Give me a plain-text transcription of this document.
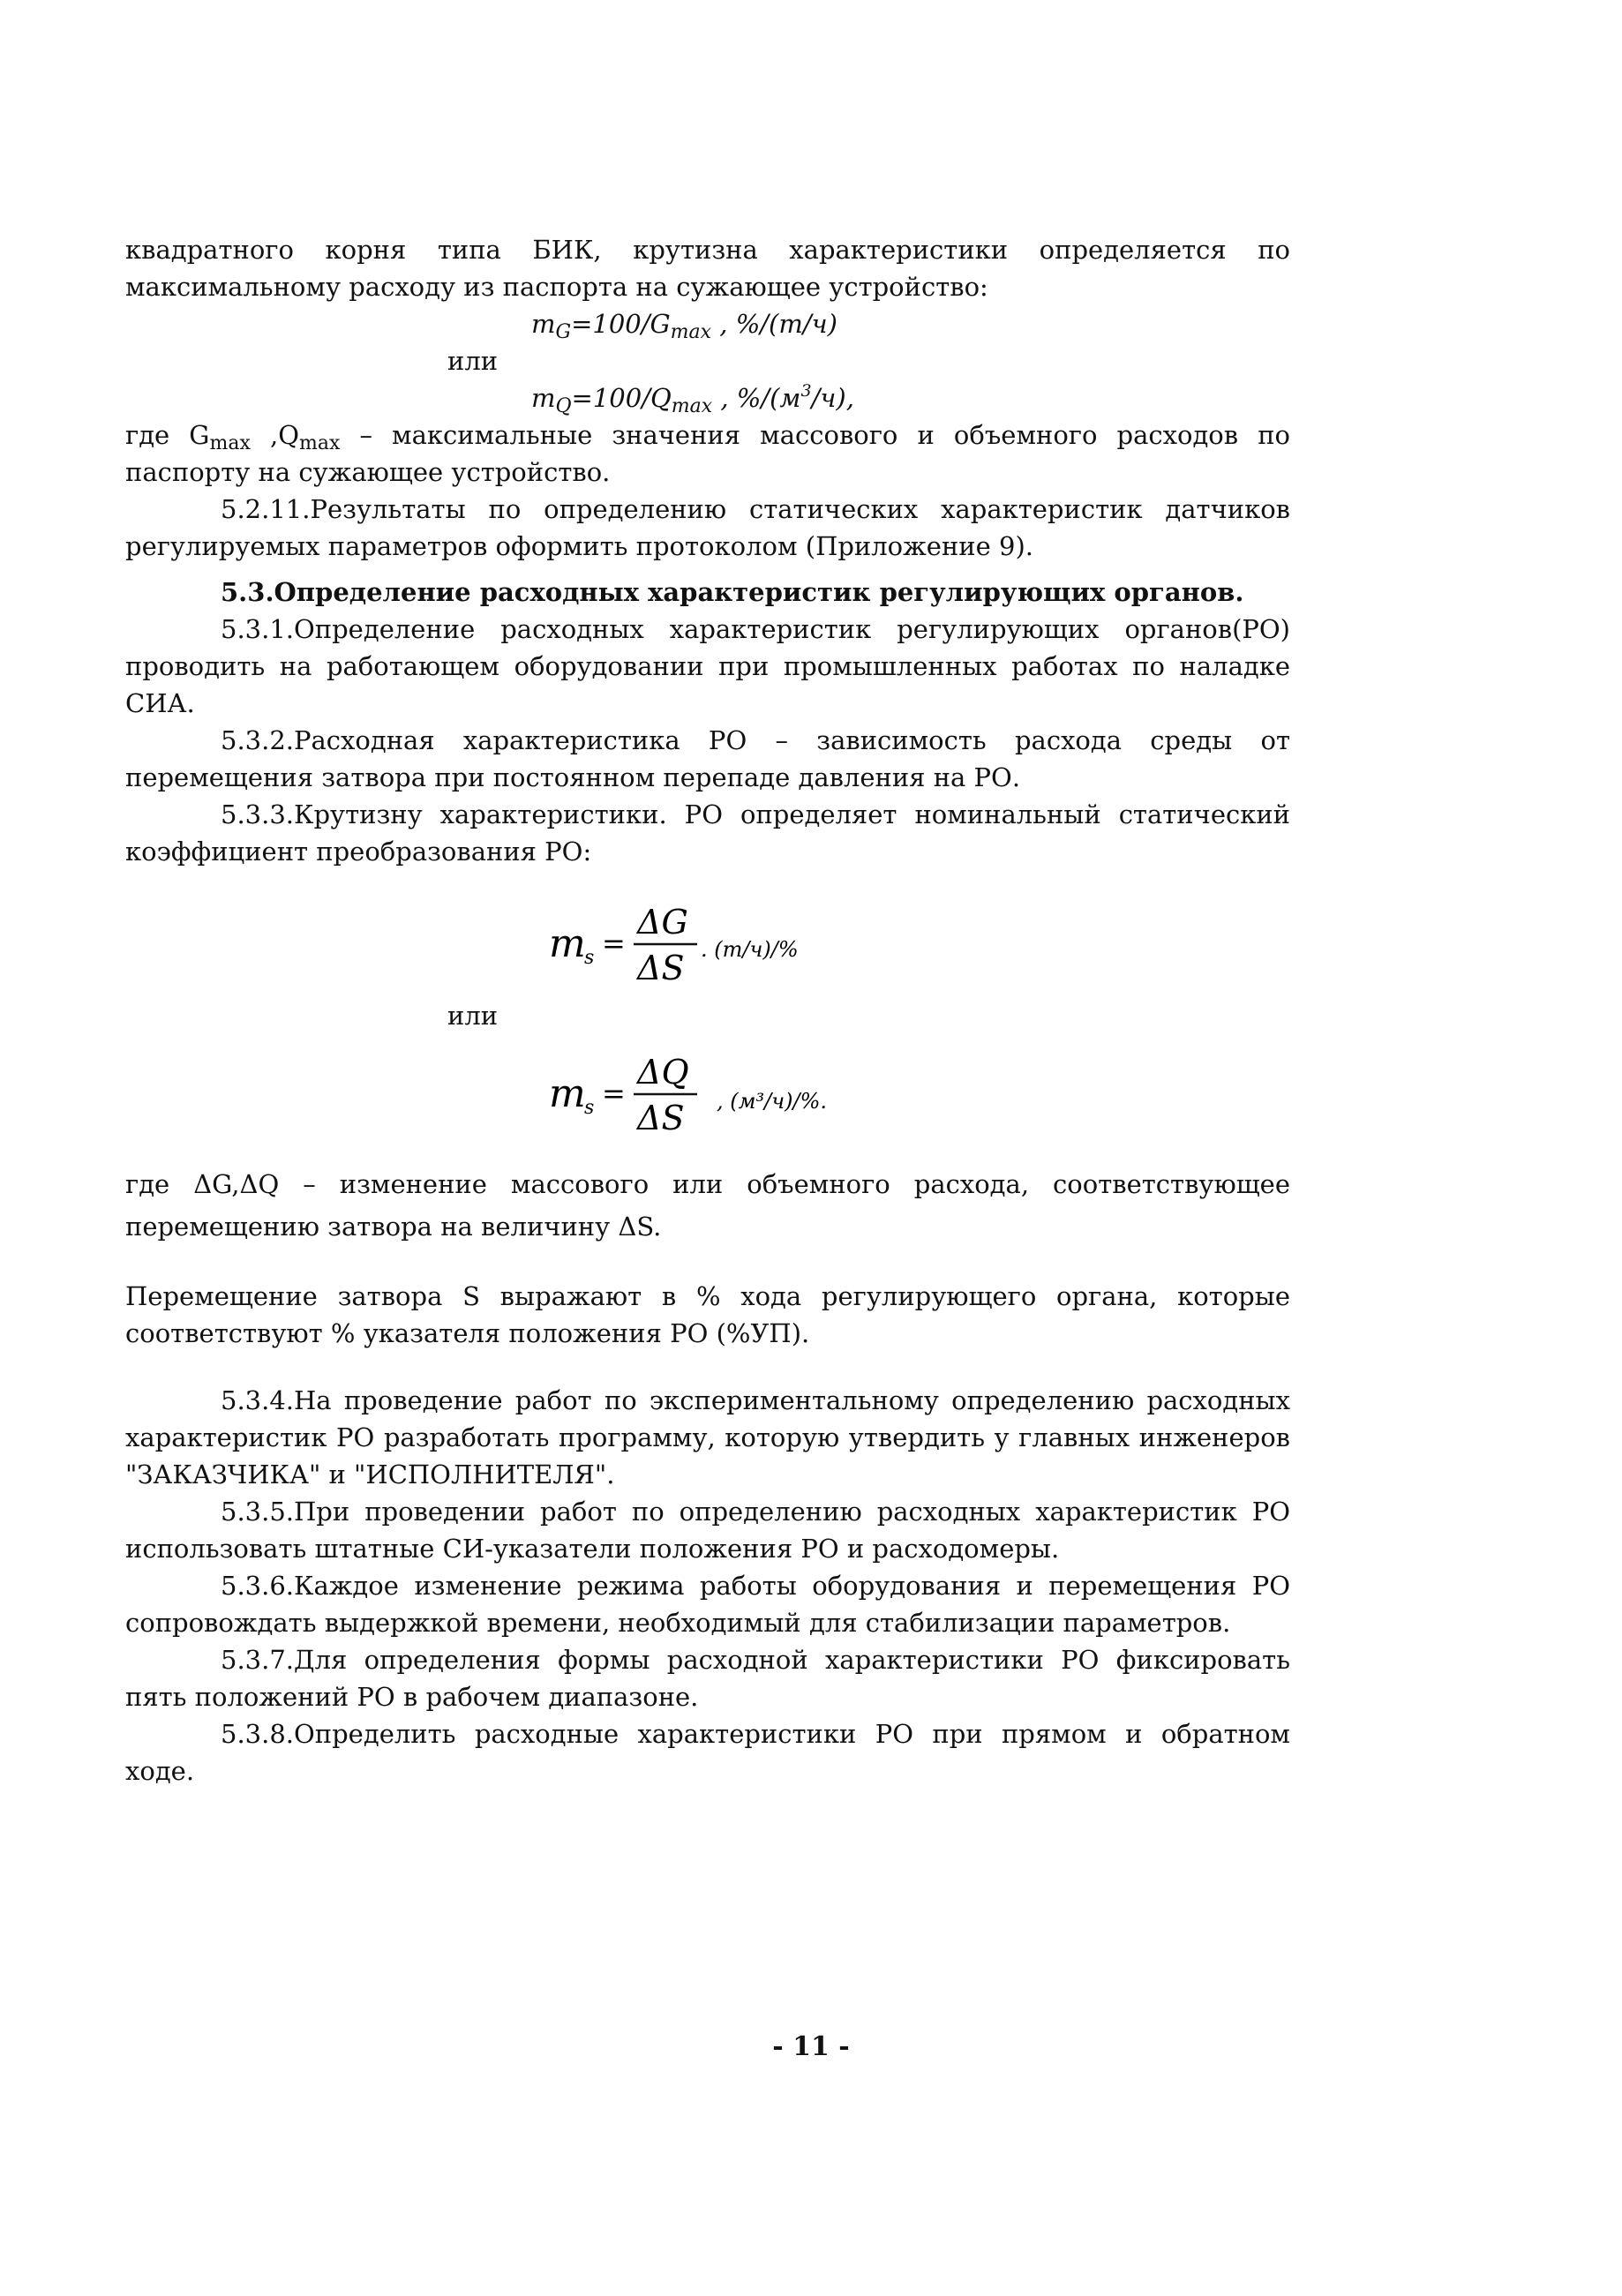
квадратного корня типа БИК, крутизна характеристики определяется по максимальному расходу из паспорта на сужающее устройство:

$m_G=100/G_{max}$ , %/(т/ч)

или

$m_Q=100/Q_{max}$ , $\%/(м^3/ч)$,

где $G_{max}$ $,Q_{max}$ – максимальные значения массового и объемного расходов по паспорту на сужающее устройство.

5.2.11.Результаты по определению статических характеристик датчиков регулируемых параметров оформить протоколом (Приложение 9).

5.3.Определение расходных характеристик регулирующих органов.

5.3.1.Определение расходных характеристик регулирующих органов(РО) проводить на работающем оборудовании при промышленных работах по наладке СИА.

5.3.2.Расходная характеристика РО – зависимость расхода среды от перемещения затвора при постоянном перепаде давления на РО.

5.3.3.Крутизну характеристики. РО определяет номинальный статический коэффициент преобразования РО:

m
s =
ΔG
ΔS . (т/ч)/%

или

m
s =
ΔQ
ΔS , (м³/ч)/%.

где ΔG,ΔQ – изменение массового или объемного расхода, соответствующее перемещению затвора на величину ΔS.

Перемещение затвора S выражают в % хода регулирующего органа, которые соответствуют % указателя положения РО (%УП).

5.3.4.На проведение работ по экспериментальному определению расходных характеристик РО разработать программу, которую утвердить у главных инженеров "ЗАКАЗЧИКА" и "ИСПОЛНИТЕЛЯ".

5.3.5.При проведении работ по определению расходных характеристик РО использовать штатные СИ-указатели положения РО и расходомеры.

5.3.6.Каждое изменение режима работы оборудования и перемещения РО сопровождать выдержкой времени, необходимый для стабилизации параметров.

5.3.7.Для определения формы расходной характеристики РО фиксировать пять положений РО в рабочем диапазоне.

5.3.8.Определить расходные характеристики РО при прямом и обратном ходе.

- 11 -
